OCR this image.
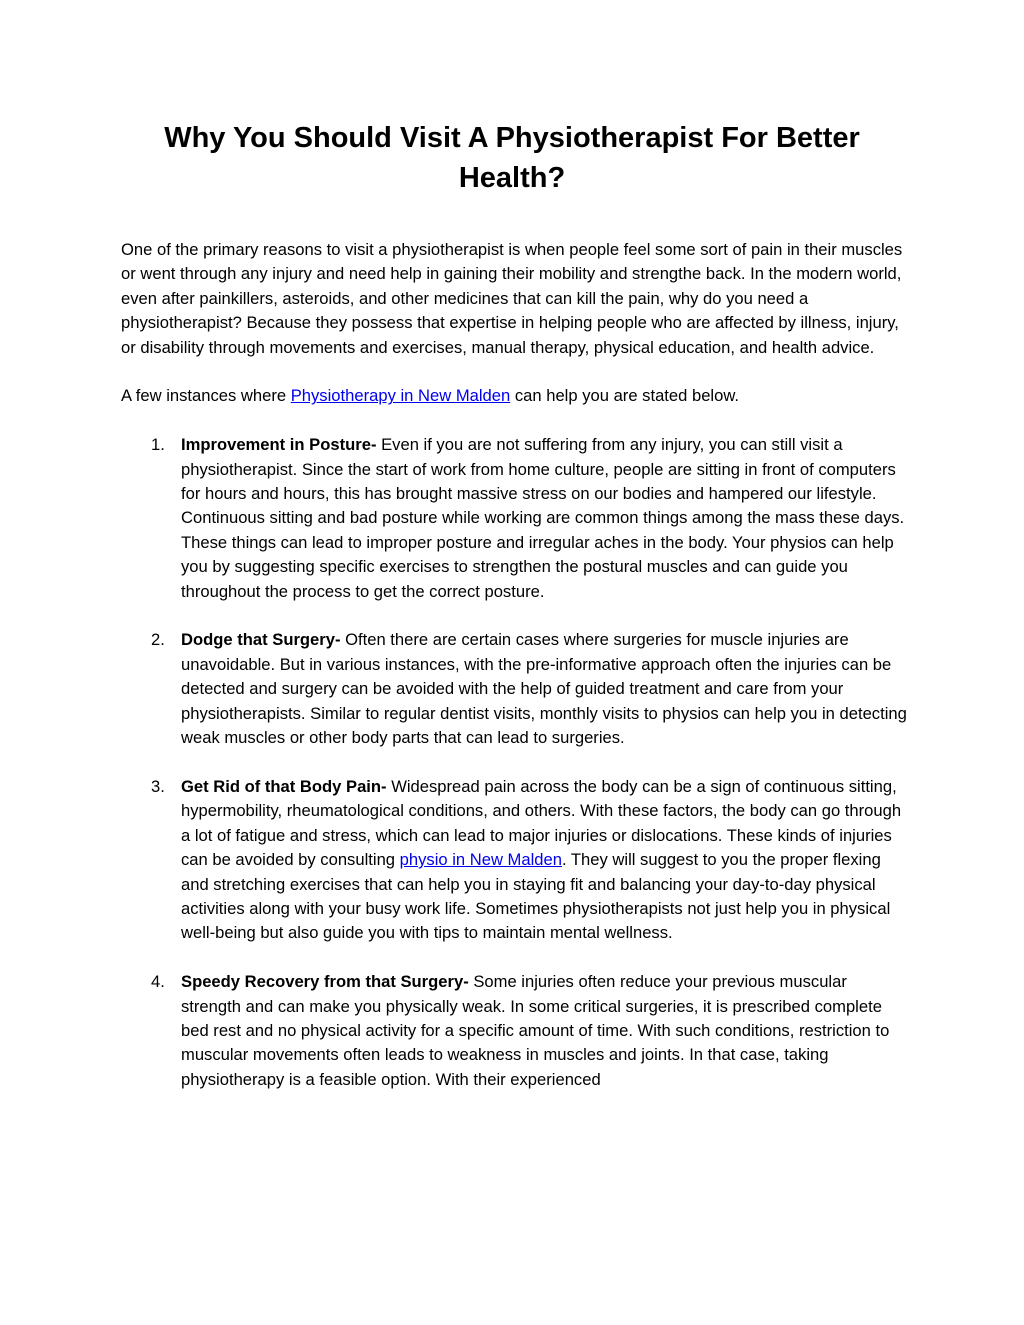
Why You Should Visit A Physiotherapist For Better Health?

One of the primary reasons to visit a physiotherapist is when people feel some sort of pain in their muscles or went through any injury and need help in gaining their mobility and strengthe back. In the modern world, even after painkillers, asteroids, and other medicines that can kill the pain, why do you need a physiotherapist? Because they possess that expertise in helping people who are affected by illness, injury, or disability through movements and exercises, manual therapy, physical education, and health advice.

A few instances where Physiotherapy in New Malden can help you are stated below.

1. Improvement in Posture- Even if you are not suffering from any injury, you can still visit a physiotherapist. Since the start of work from home culture, people are sitting in front of computers for hours and hours, this has brought massive stress on our bodies and hampered our lifestyle. Continuous sitting and bad posture while working are common things among the mass these days. These things can lead to improper posture and irregular aches in the body. Your physios can help you by suggesting specific exercises to strengthen the postural muscles and can guide you throughout the process to get the correct posture.
2. Dodge that Surgery- Often there are certain cases where surgeries for muscle injuries are unavoidable. But in various instances, with the pre-informative approach often the injuries can be detected and surgery can be avoided with the help of guided treatment and care from your physiotherapists. Similar to regular dentist visits, monthly visits to physios can help you in detecting weak muscles or other body parts that can lead to surgeries.
3. Get Rid of that Body Pain- Widespread pain across the body can be a sign of continuous sitting, hypermobility, rheumatological conditions, and others. With these factors, the body can go through a lot of fatigue and stress, which can lead to major injuries or dislocations. These kinds of injuries can be avoided by consulting physio in New Malden. They will suggest to you the proper flexing and stretching exercises that can help you in staying fit and balancing your day-to-day physical activities along with your busy work life. Sometimes physiotherapists not just help you in physical well-being but also guide you with tips to maintain mental wellness.
4. Speedy Recovery from that Surgery- Some injuries often reduce your previous muscular strength and can make you physically weak. In some critical surgeries, it is prescribed complete bed rest and no physical activity for a specific amount of time. With such conditions, restriction to muscular movements often leads to weakness in muscles and joints. In that case, taking physiotherapy is a feasible option. With their experienced
